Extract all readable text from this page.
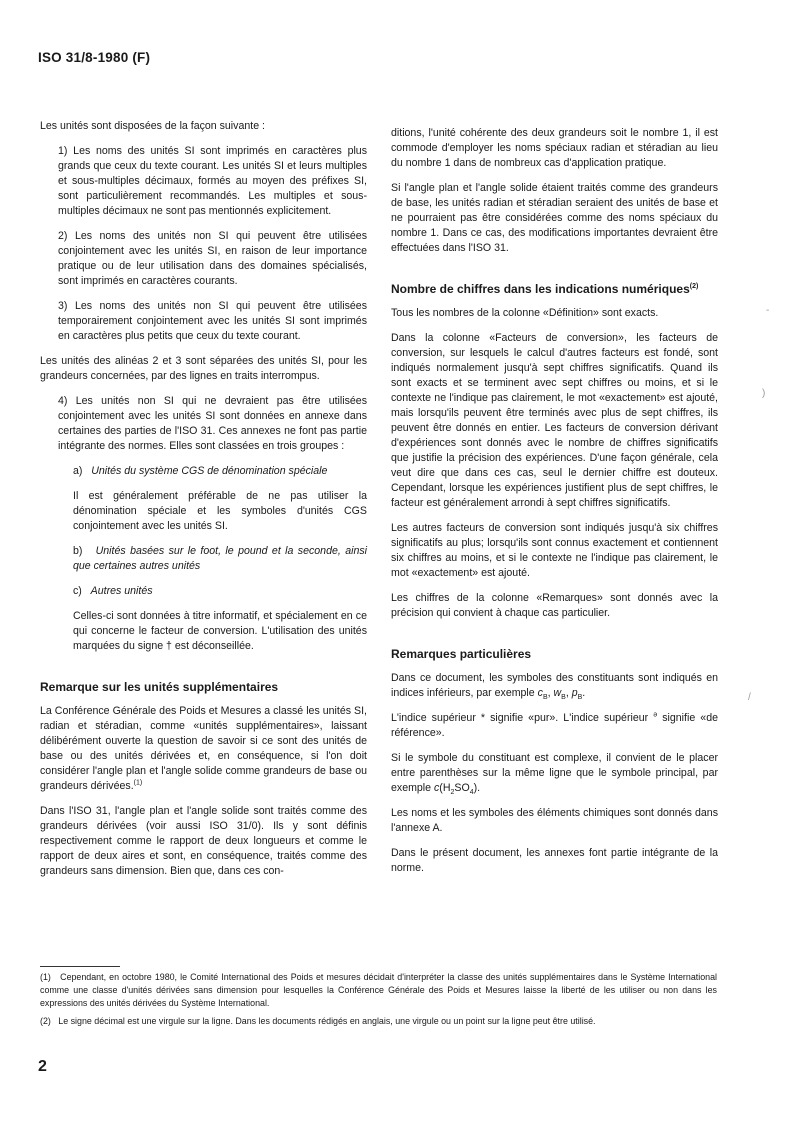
ISO 31/8-1980 (F)

Les unités sont disposées de la façon suivante :

1) Les noms des unités SI sont imprimés en caractères plus grands que ceux du texte courant. Les unités SI et leurs multiples et sous-multiples décimaux, formés au moyen des préfixes SI, sont particulièrement recommandés. Les multiples et sous-multiples décimaux ne sont pas mentionnés explicitement.

2) Les noms des unités non SI qui peuvent être utilisées conjointement avec les unités SI, en raison de leur importance pratique ou de leur utilisation dans des domaines spécialisés, sont imprimés en caractères courants.

3) Les noms des unités non SI qui peuvent être utilisées temporairement conjointement avec les unités SI sont imprimés en caractères plus petits que ceux du texte courant.

Les unités des alinéas 2 et 3 sont séparées des unités SI, pour les grandeurs concernées, par des lignes en traits interrompus.

4) Les unités non SI qui ne devraient pas être utilisées conjointement avec les unités SI sont données en annexe dans certaines des parties de l'ISO 31. Ces annexes ne font pas partie intégrante des normes. Elles sont classées en trois groupes :

a) Unités du système CGS de dénomination spéciale

Il est généralement préférable de ne pas utiliser la dénomination spéciale et les symboles d'unités CGS conjointement avec les unités SI.

b) Unités basées sur le foot, le pound et la seconde, ainsi que certaines autres unités

c) Autres unités

Celles-ci sont données à titre informatif, et spécialement en ce qui concerne le facteur de conversion. L'utilisation des unités marquées du signe † est déconseillée.

Remarque sur les unités supplémentaires

La Conférence Générale des Poids et Mesures a classé les unités SI, radian et stéradian, comme «unités supplémentaires», laissant délibérément ouverte la question de savoir si ce sont des unités de base ou des unités dérivées et, en conséquence, si l'on doit considérer l'angle plan et l'angle solide comme grandeurs de base ou grandeurs dérivées.$^{(1)}$

Dans l'ISO 31, l'angle plan et l'angle solide sont traités comme des grandeurs dérivées (voir aussi ISO 31/0). Ils y sont définis respectivement comme le rapport de deux longueurs et comme le rapport de deux aires et sont, en conséquence, traités comme des grandeurs sans dimension. Bien que, dans ces con-

ditions, l'unité cohérente des deux grandeurs soit le nombre 1, il est commode d'employer les noms spéciaux radian et stéradian au lieu du nombre 1 dans de nombreux cas d'application pratique.

Si l'angle plan et l'angle solide étaient traités comme des grandeurs de base, les unités radian et stéradian seraient des unités de base et ne pourraient pas être considérées comme des noms spéciaux du nombre 1. Dans ce cas, des modifications importantes devraient être effectuées dans l'ISO 31.

Nombre de chiffres dans les indications numériques$^{(2)}$

Tous les nombres de la colonne «Définition» sont exacts.

Dans la colonne «Facteurs de conversion», les facteurs de conversion, sur lesquels le calcul d'autres facteurs est fondé, sont indiqués normalement jusqu'à sept chiffres significatifs. Quand ils sont exacts et se terminent avec sept chiffres ou moins, et si le contexte ne l'indique pas clairement, le mot «exactement» est ajouté, mais lorsqu'ils peuvent être terminés avec plus de sept chiffres, ils peuvent être donnés en entier. Les facteurs de conversion dérivant d'expériences sont donnés avec le nombre de chiffres significatifs que justifie la précision des expériences. D'une façon générale, cela veut dire que dans ces cas, seul le dernier chiffre est douteux. Cependant, lorsque les expériences justifient plus de sept chiffres, le facteur est généralement arrondi à sept chiffres significatifs.

Les autres facteurs de conversion sont indiqués jusqu'à six chiffres significatifs au plus; lorsqu'ils sont connus exactement et contiennent six chiffres au moins, et si le contexte ne l'indique pas clairement, le mot «exactement» est ajouté.

Les chiffres de la colonne «Remarques» sont donnés avec la précision qui convient à chaque cas particulier.

Remarques particulières

Dans ce document, les symboles des constituants sont indiqués en indices inférieurs, par exemple $c_B$, $w_B$, $p_B$.

L'indice supérieur * signifie «pur». L'indice supérieur $^ə$ signifie «de référence».

Si le symbole du constituant est complexe, il convient de le placer entre parenthèses sur la même ligne que le symbole principal, par exemple $c(H_2SO_4)$.

Les noms et les symboles des éléments chimiques sont donnés dans l'annexe A.

Dans le présent document, les annexes font partie intégrante de la norme.

(1) Cependant, en octobre 1980, le Comité International des Poids et mesures décidait d'interpréter la classe des unités supplémentaires dans le Système International comme une classe d'unités dérivées sans dimension pour lesquelles la Conférence Générale des Poids et Mesures laisse la liberté de les utiliser ou non dans les expressions des unités dérivées du Système International.

(2) Le signe décimal est une virgule sur la ligne. Dans les documents rédigés en anglais, une virgule ou un point sur la ligne peut être utilisé.

2
-
)
/
